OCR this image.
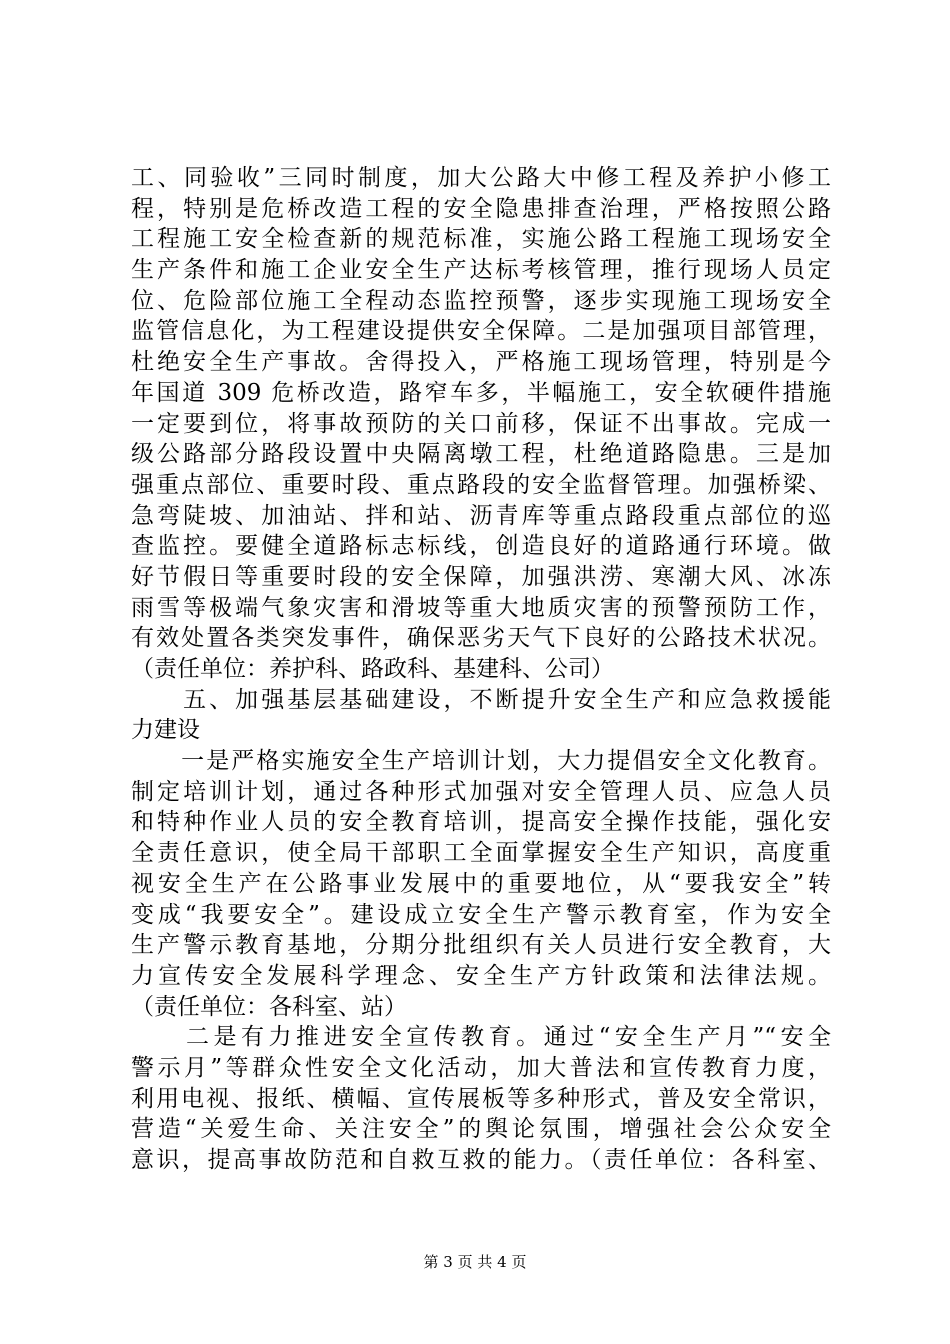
工、同验收”三同时制度，加大公路大中修工程及养护小修工
程，特别是危桥改造工程的安全隐患排查治理，严格按照公路
工程施工安全检查新的规范标准，实施公路工程施工现场安全
生产条件和施工企业安全生产达标考核管理，推行现场人员定
位、危险部位施工全程动态监控预警，逐步实现施工现场安全
监管信息化，为工程建设提供安全保障。二是加强项目部管理，
杜绝安全生产事故。舍得投入，严格施工现场管理，特别是今
年国道 309 危桥改造，路窄车多，半幅施工，安全软硬件措施
一定要到位，将事故预防的关口前移，保证不出事故。完成一
级公路部分路段设置中央隔离墩工程，杜绝道路隐患。三是加
强重点部位、重要时段、重点路段的安全监督管理。加强桥梁、
急弯陡坡、加油站、拌和站、沥青库等重点路段重点部位的巡
查监控。要健全道路标志标线，创造良好的道路通行环境。做
好节假日等重要时段的安全保障，加强洪涝、寒潮大风、冰冻
雨雪等极端气象灾害和滑坡等重大地质灾害的预警预防工作，
有效处置各类突发事件，确保恶劣天气下良好的公路技术状况。
（责任单位：养护科、路政科、基建科、公司）
　　五、加强基层基础建设，不断提升安全生产和应急救援能
力建设
　　一是严格实施安全生产培训计划，大力提倡安全文化教育。
制定培训计划，通过各种形式加强对安全管理人员、应急人员
和特种作业人员的安全教育培训，提高安全操作技能，强化安
全责任意识，使全局干部职工全面掌握安全生产知识，高度重
视安全生产在公路事业发展中的重要地位，从“要我安全”转
变成“我要安全”。建设成立安全生产警示教育室，作为安全
生产警示教育基地，分期分批组织有关人员进行安全教育，大
力宣传安全发展科学理念、安全生产方针政策和法律法规。
（责任单位：各科室、站）
　　二是有力推进安全宣传教育。通过“安全生产月”“安全
警示月”等群众性安全文化活动，加大普法和宣传教育力度，
利用电视、报纸、横幅、宣传展板等多种形式，普及安全常识，
营造“关爱生命、关注安全”的舆论氛围，增强社会公众安全
意识，提高事故防范和自救互救的能力。（责任单位：各科室、
第 3 页 共 4 页
